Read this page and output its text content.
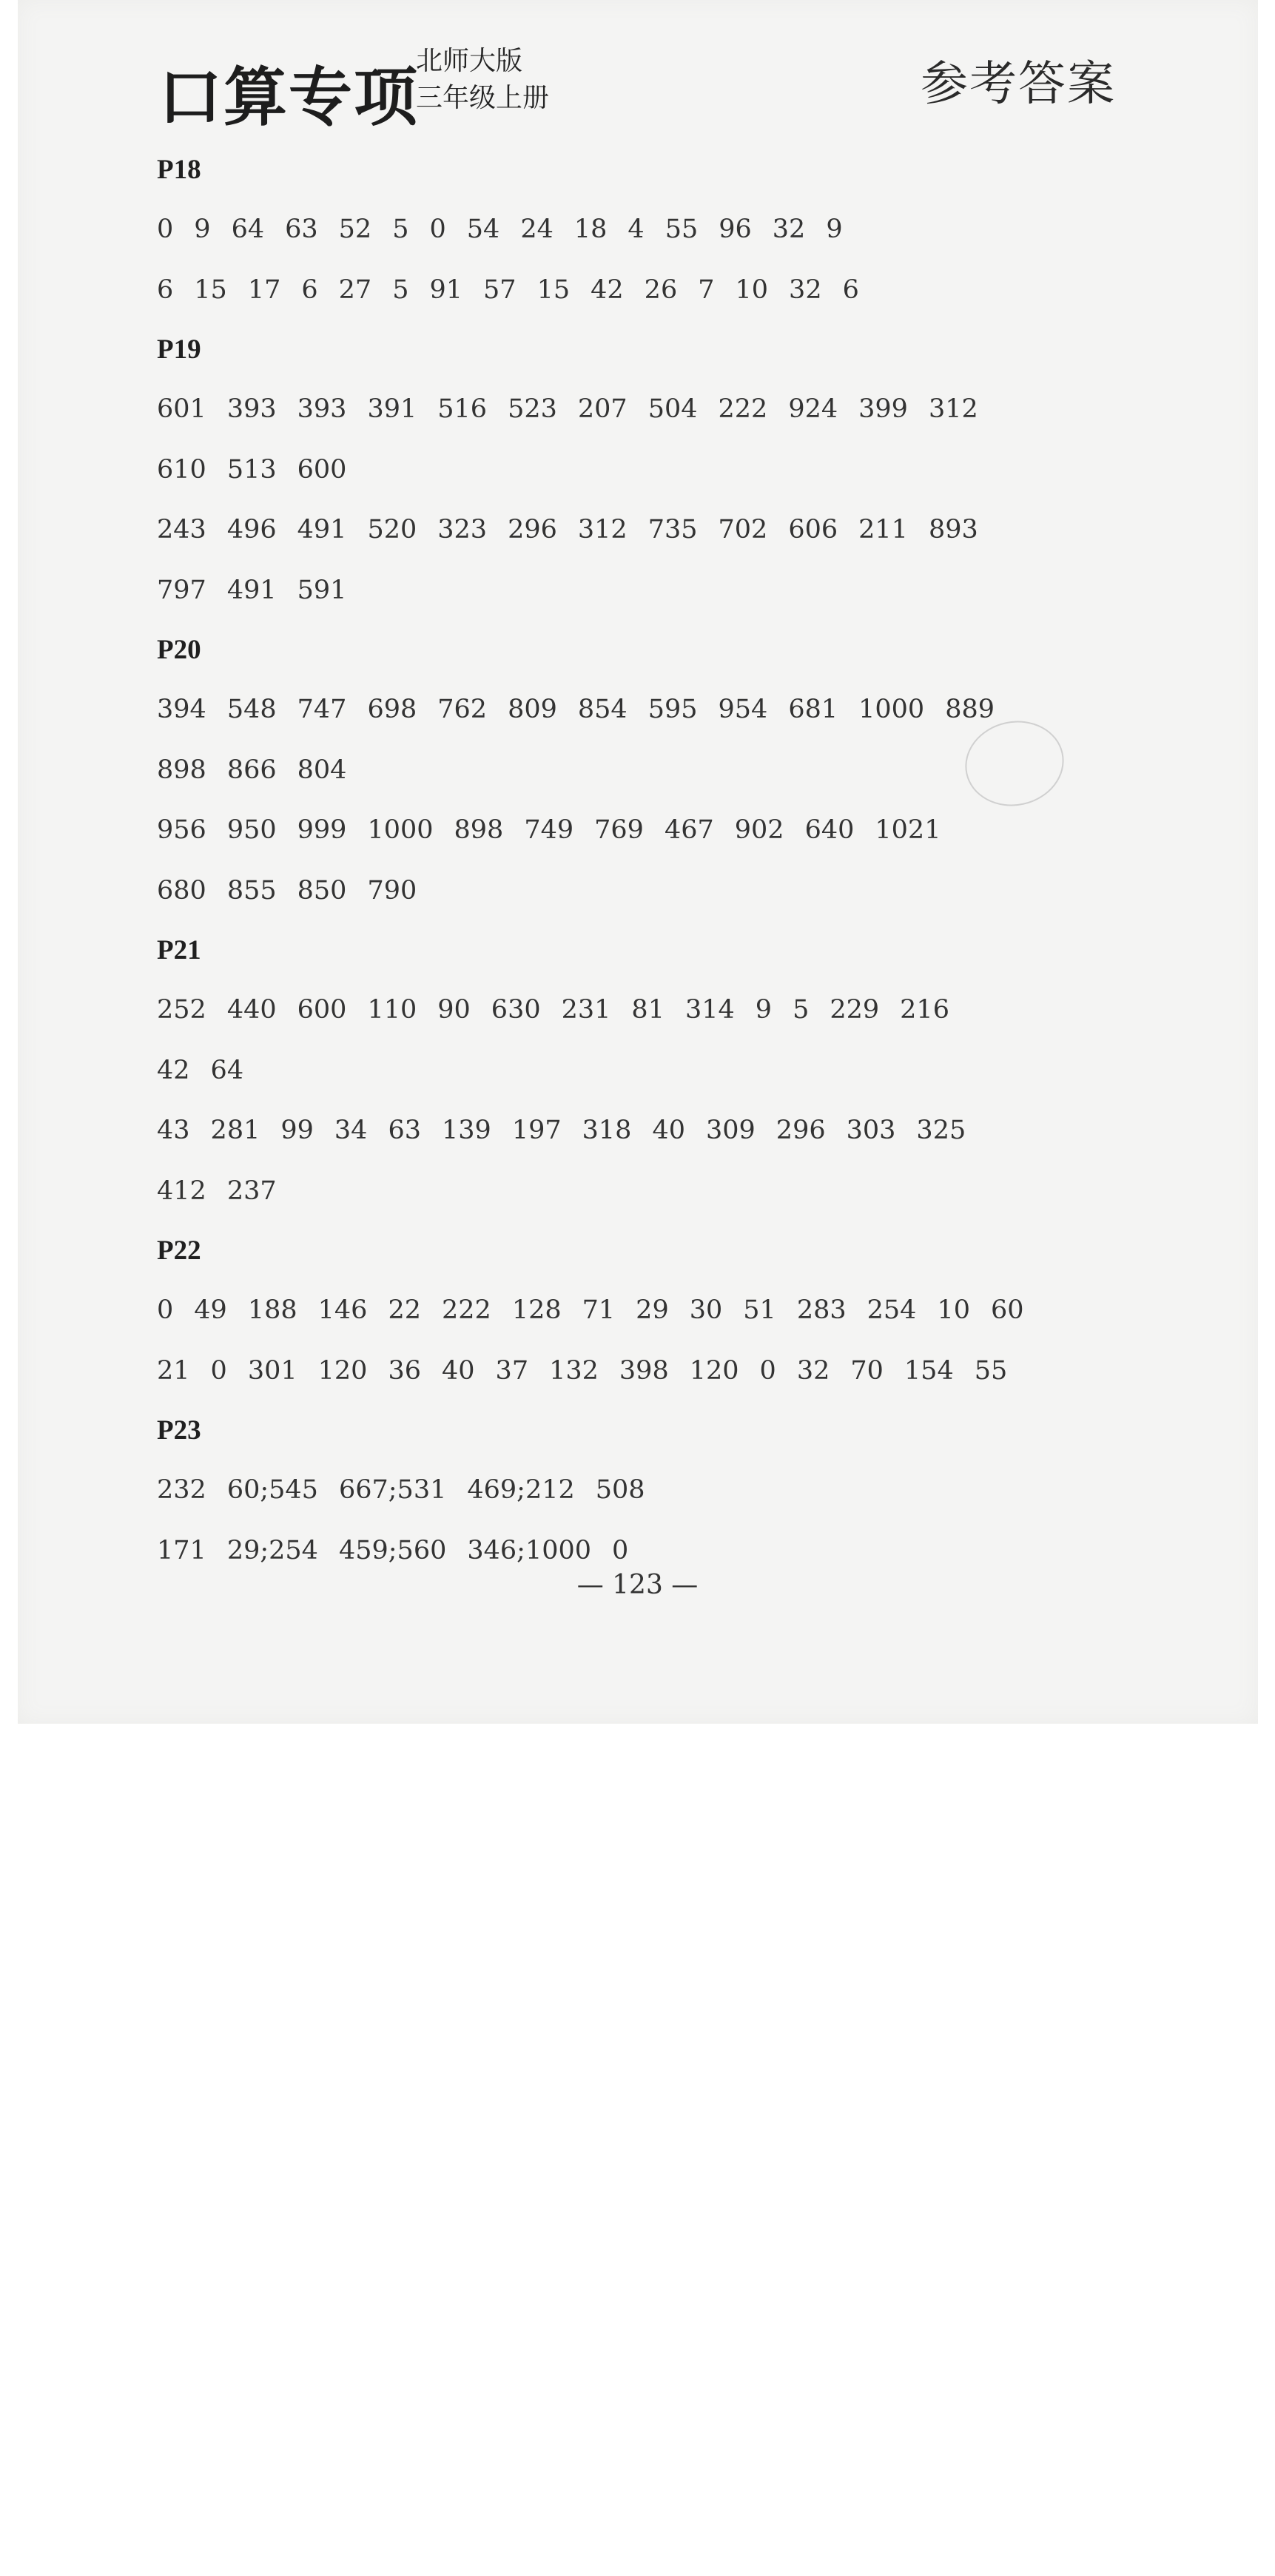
口算专项
北师大版
三年级上册	参考答案
P18
0 9 64 63 52 5 0 54 24 18 4 55 96 32 9
6 15 17 6 27 5 91 57 15 42 26 7 10 32 6
P19
601 393 393 391 516 523 207 504 222 924 399 312
610 513 600
243 496 491 520 323 296 312 735 702 606 211 893
797 491 591
P20
394 548 747 698 762 809 854 595 954 681 1000 889
898 866 804
956 950 999 1000 898 749 769 467 902 640 1021
680 855 850 790
P21
252 440 600 110 90 630 231 81 314 9 5 229 216
42 64
43 281 99 34 63 139 197 318 40 309 296 303 325
412 237
P22
0 49 188 146 22 222 128 71 29 30 51 283 254 10 60
21 0 301 120 36 40 37 132 398 120 0 32 70 154 55
P23
232 60;545 667;531 469;212 508
171 29;254 459;560 346;1000 0
— 123 —
